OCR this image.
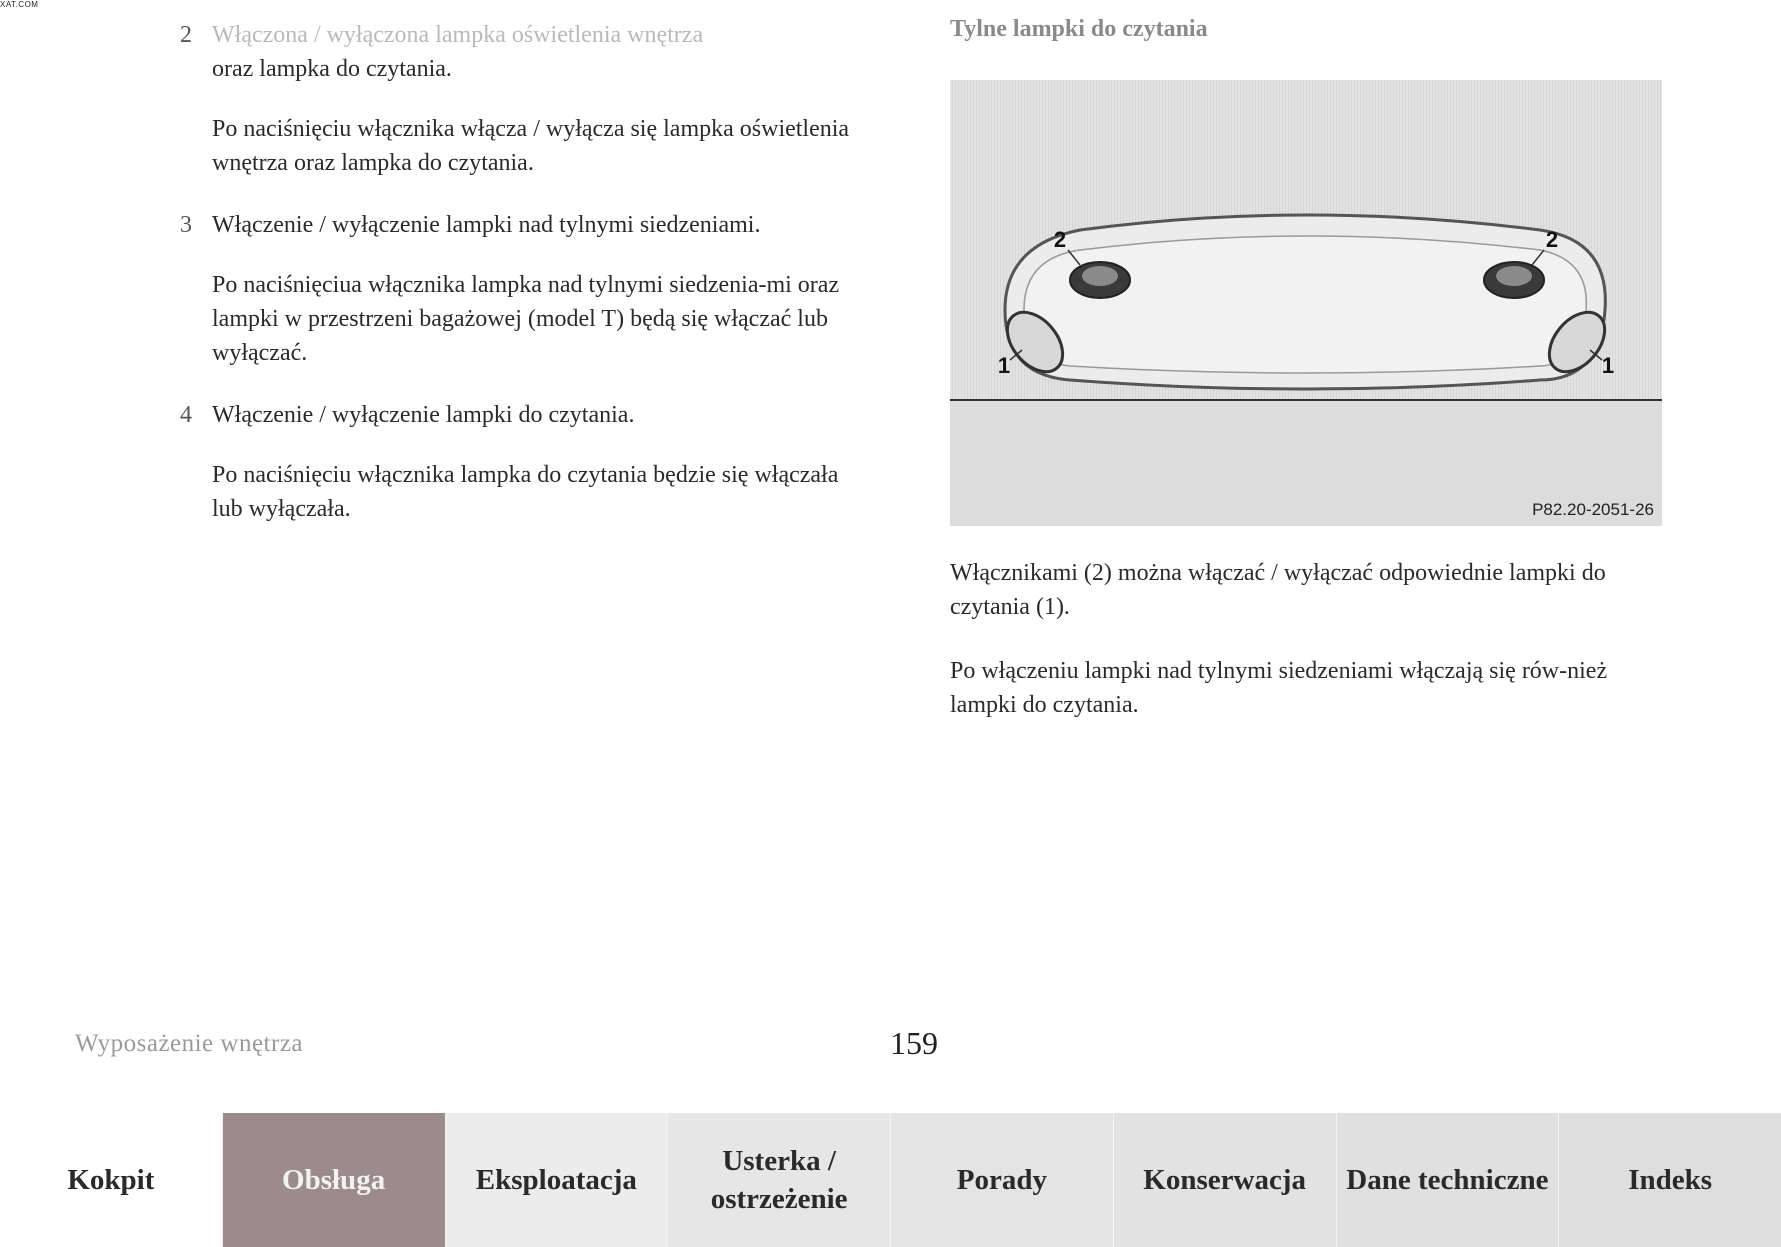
XAT.COM
2 Włączona / wyłączona lampka oświetlenia wnętrza
oraz lampka do czytania.

Po naciśnięciu włącznika włącza / wyłącza się lampka oświetlenia wnętrza oraz lampka do czytania.

3 Włączenie / wyłączenie lampki nad tylnymi siedzeniami.

Po naciśnięciua włącznika lampka nad tylnymi siedzenia-mi oraz lampki w przestrzeni bagażowej (model T) będą się włączać lub wyłączać.

4 Włączenie / wyłączenie lampki do czytania.

Po naciśnięciu włącznika lampka do czytania będzie się włączała lub wyłączała.

Tylne lampki do czytania
2	2
1	1
P82.20-2051-26

Włącznikami (2) można włączać / wyłączać odpowiednie lampki do czytania (1).

Po włączeniu lampki nad tylnymi siedzeniami włączają się rów-nież lampki do czytania.

Wyposażenie wnętrza	159
Kokpit	Obsługa	Eksploatacja
Usterka / ostrzeżenie
Porady	Konserwacja	Dane techniczne	Indeks
